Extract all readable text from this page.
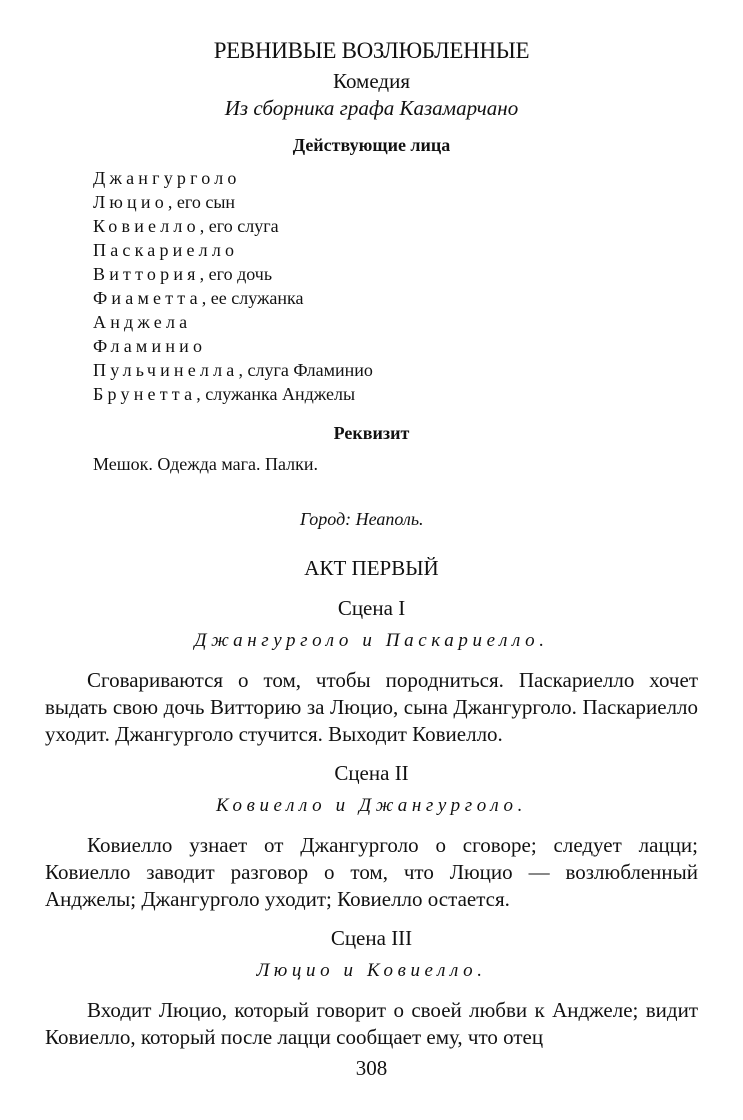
РЕВНИВЫЕ ВОЗЛЮБЛЕННЫЕ
Комедия
Из сборника графа Казамарчано
Действующие лица
Джангурголо
Люцио, его сын
Ковиелло, его слуга
Паскариелло
Виттория, его дочь
Фиаметта, ее служанка
Анджела
Фламинио
Пульчинелла, слуга Фламинио
Брунетта, служанка Анджелы
Реквизит
Мешок. Одежда мага. Палки.
Город: Неаполь.
АКТ ПЕРВЫЙ
Сцена I
Джангурголо и Паскариелло.

Сговариваются о том, чтобы породниться. Паскариелло хочет выдать свою дочь Витторию за Люцио, сына Джангурголо. Паскариелло уходит. Джангурголо стучится. Выходит Ковиелло.

Сцена II
Ковиелло и Джангурголо.

Ковиелло узнает от Джангурголо о сговоре; следует лацци; Ковиелло заводит разговор о том, что Люцио — возлюбленный Анджелы; Джангурголо уходит; Ковиелло остается.

Сцена III
Люцио и Ковиелло.

Входит Люцио, который говорит о своей любви к Анджеле; видит Ковиелло, который после лацци сообщает ему, что отец

308
